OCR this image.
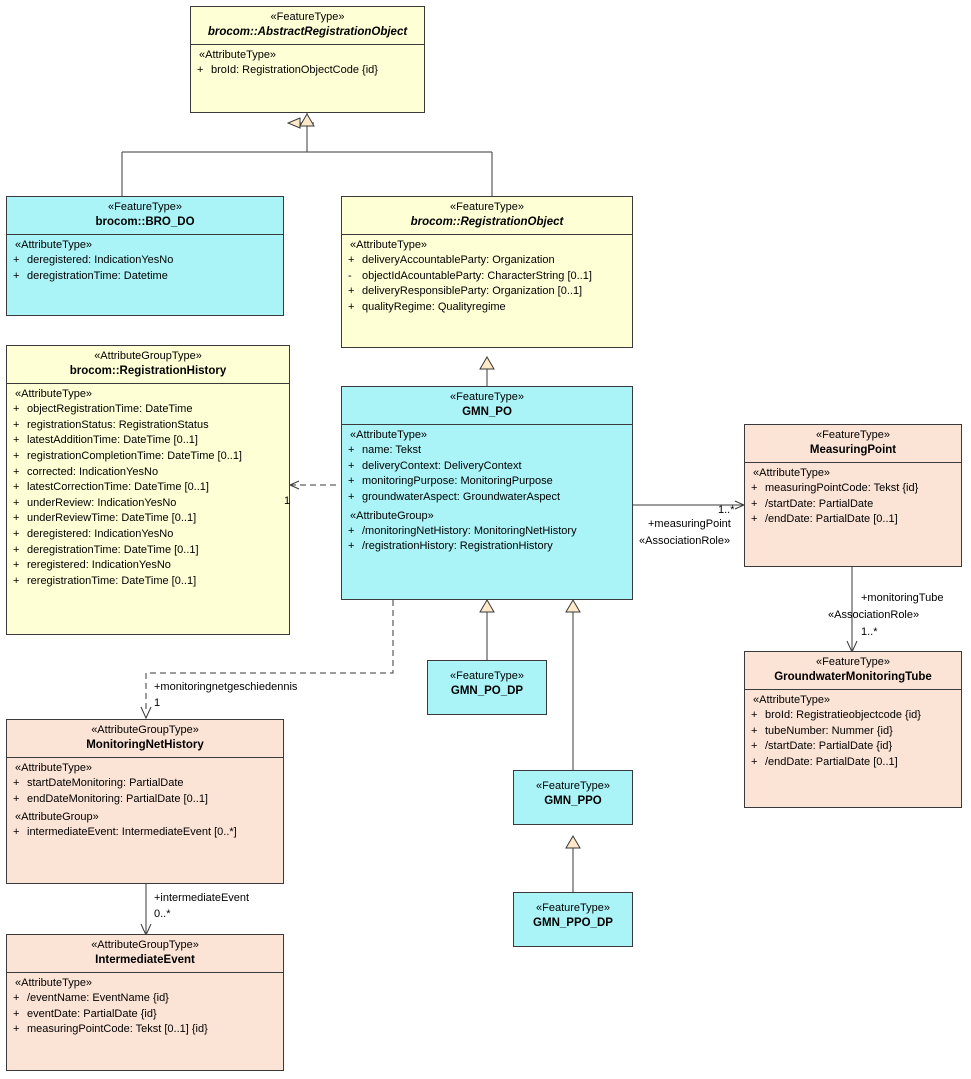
«FeatureType»
brocom::AbstractRegistrationObject
«AttributeType»
+ broId: RegistrationObjectCode {id}
«FeatureType»
brocom::BRO_DO
«AttributeType»
+ deregistered: IndicationYesNo
+ deregistrationTime: Datetime
«FeatureType»
brocom::RegistrationObject
«AttributeType»
+ deliveryAccountableParty: Organization
- objectIdAcountableParty: CharacterString [0..1]
+ deliveryResponsibleParty: Organization [0..1]
+ qualityRegime: Qualityregime
«AttributeGroupType»
brocom::RegistrationHistory
«AttributeType»
+ objectRegistrationTime: DateTime
+ registrationStatus: RegistrationStatus
+ latestAdditionTime: DateTime [0..1]
+ registrationCompletionTime: DateTime [0..1]
+ corrected: IndicationYesNo
+ latestCorrectionTime: DateTime [0..1]
+ underReview: IndicationYesNo
+ underReviewTime: DateTime [0..1]
+ deregistered: IndicationYesNo
+ deregistrationTime: DateTime [0..1]
+ reregistered: IndicationYesNo
+ reregistrationTime: DateTime [0..1]
«FeatureType»
GMN_PO
«AttributeType»
+ name: Tekst
+ deliveryContext: DeliveryContext
+ monitoringPurpose: MonitoringPurpose
+ groundwaterAspect: GroundwaterAspect
«AttributeGroup»
+ /monitoringNetHistory: MonitoringNetHistory
+ /registrationHistory: RegistrationHistory
«FeatureType»
MeasuringPoint
«AttributeType»
+ measuringPointCode: Tekst {id}
+ /startDate: PartialDate
+ /endDate: PartialDate [0..1]
«FeatureType»
GroundwaterMonitoringTube
«AttributeType»
+ broId: Registratieobjectcode {id}
+ tubeNumber: Nummer {id}
+ /startDate: PartialDate {id}
+ /endDate: PartialDate [0..1]
«FeatureType»
GMN_PO_DP
«FeatureType»
GMN_PPO
«FeatureType»
GMN_PPO_DP
«AttributeGroupType»
MonitoringNetHistory
«AttributeType»
+ startDateMonitoring: PartialDate
+ endDateMonitoring: PartialDate [0..1]
«AttributeGroup»
+ intermediateEvent: IntermediateEvent [0..*]
«AttributeGroupType»
IntermediateEvent
«AttributeType»
+ /eventName: EventName {id}
+ eventDate: PartialDate {id}
+ measuringPointCode: Tekst [0..1] {id}
1
1..*
+measuringPoint
«AssociationRole»
+monitoringTube
«AssociationRole»
1..*
+monitoringnetgeschiedennis
1
+intermediateEvent
0..*
